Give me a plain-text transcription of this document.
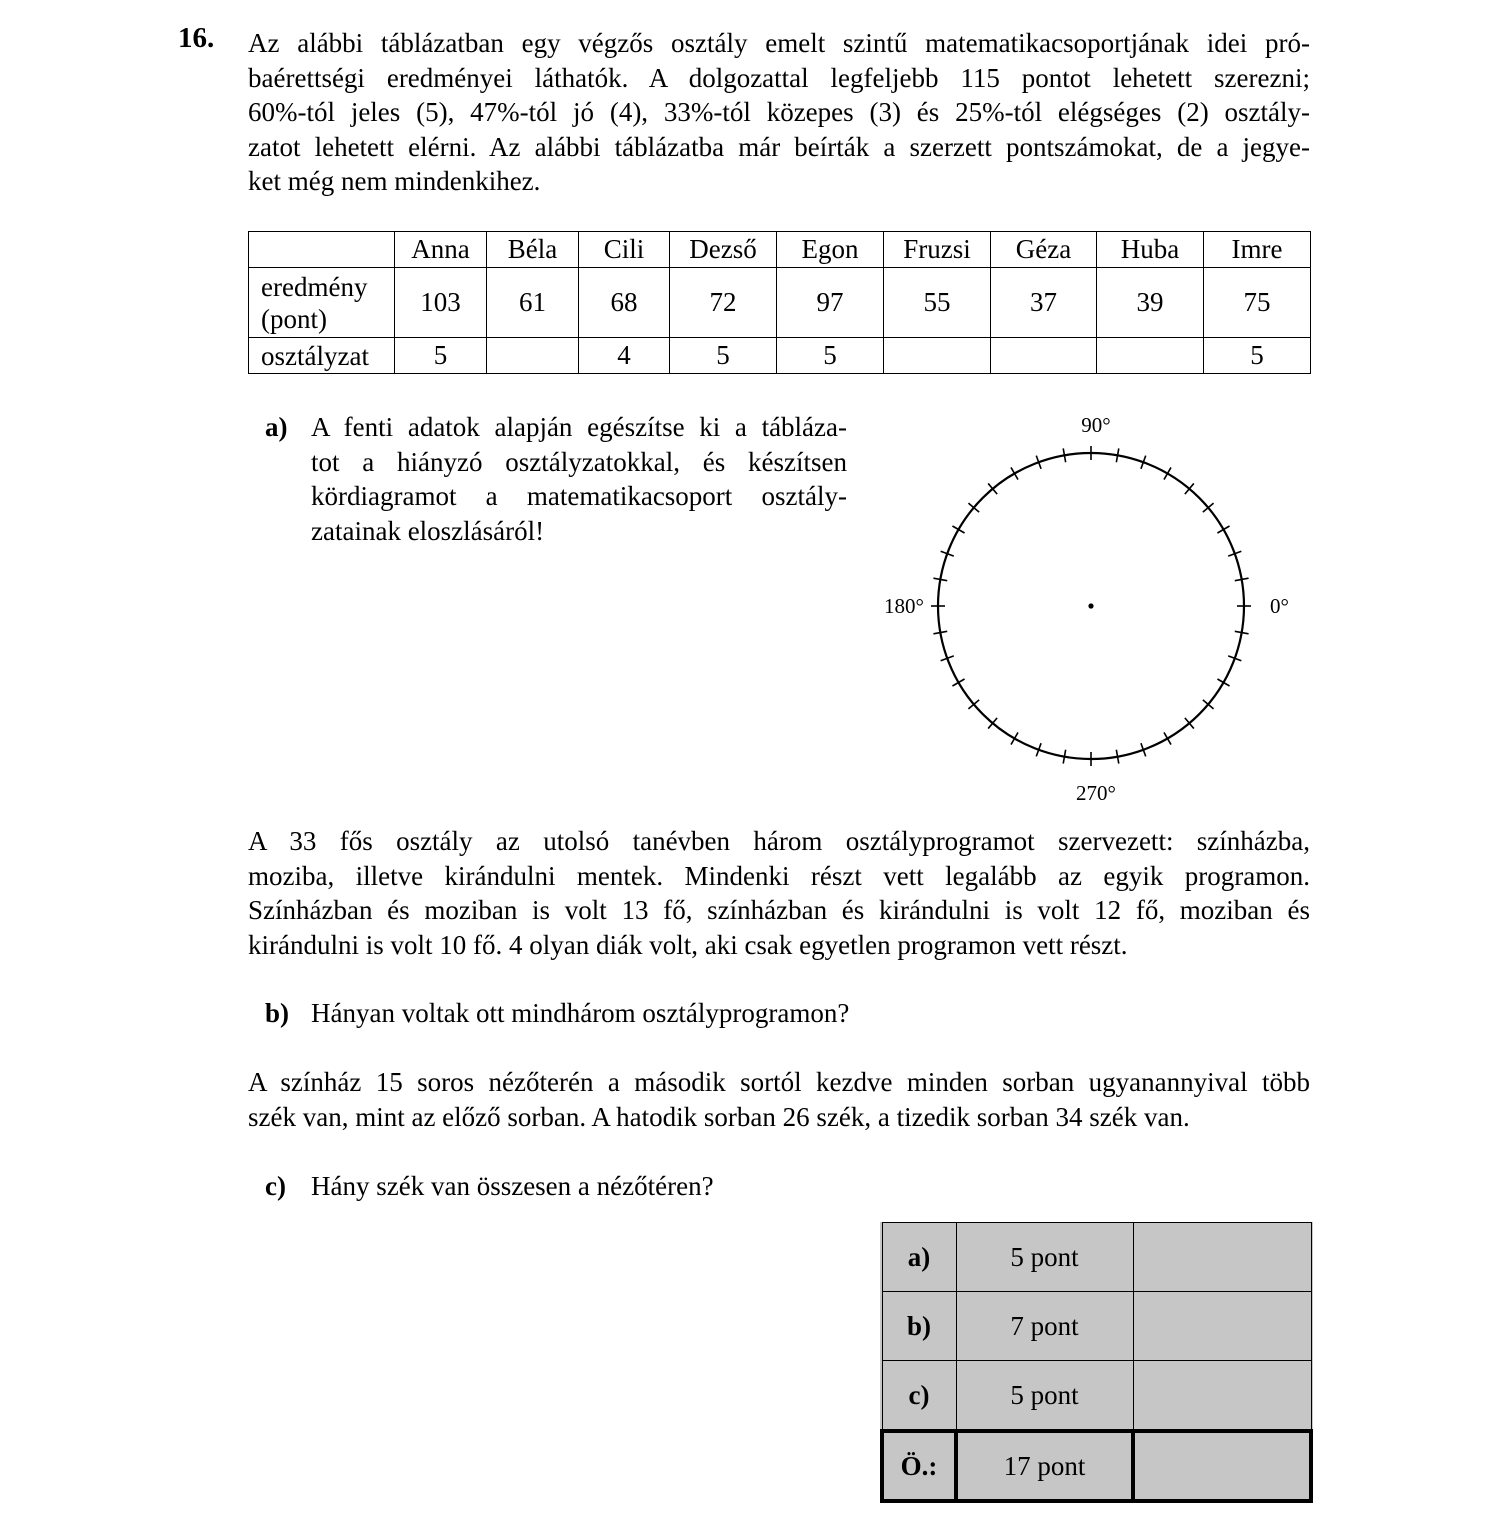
16. Az alábbi táblázatban egy végzős osztály emelt szintű matematikacsoportjának idei pró-
baérettségi eredményei láthatók. A dolgozattal legfeljebb 115 pontot lehetett szerezni;
60%-tól jeles (5), 47%-tól jó (4), 33%-tól közepes (3) és 25%-tól elégséges (2) osztály-
zatot lehetett elérni. Az alábbi táblázatba már beírták a szerzett pontszámokat, de a jegye-
ket még nem mindenkihez.
	Anna	Béla	Cili	Dezső	Egon	Fruzsi	Géza	Huba	Imre
eredmény
(pont)	103	61	68	72	97	55	37	39	75
osztályzat	5		4	5	5				5
a) A fenti adatok alapján egészítse ki a tábláza-
tot a hiányzó osztályzatokkal, és készítsen
kördiagramot a matematikacsoport osztály-
zatainak eloszlásáról!
90°
180°	0°
270°
A 33 fős osztály az utolsó tanévben három osztályprogramot szervezett: színházba,
moziba, illetve kirándulni mentek. Mindenki részt vett legalább az egyik programon.
Színházban és moziban is volt 13 fő, színházban és kirándulni is volt 12 fő, moziban és
kirándulni is volt 10 fő. 4 olyan diák volt, aki csak egyetlen programon vett részt.
b) Hányan voltak ott mindhárom osztályprogramon?
A színház 15 soros nézőterén a második sortól kezdve minden sorban ugyanannyival több
szék van, mint az előző sorban. A hatodik sorban 26 szék, a tizedik sorban 34 szék van.
c) Hány szék van összesen a nézőtéren?
a)	5 pont	
b)	7 pont	
c)	5 pont	
Ö.:	17 pont	
